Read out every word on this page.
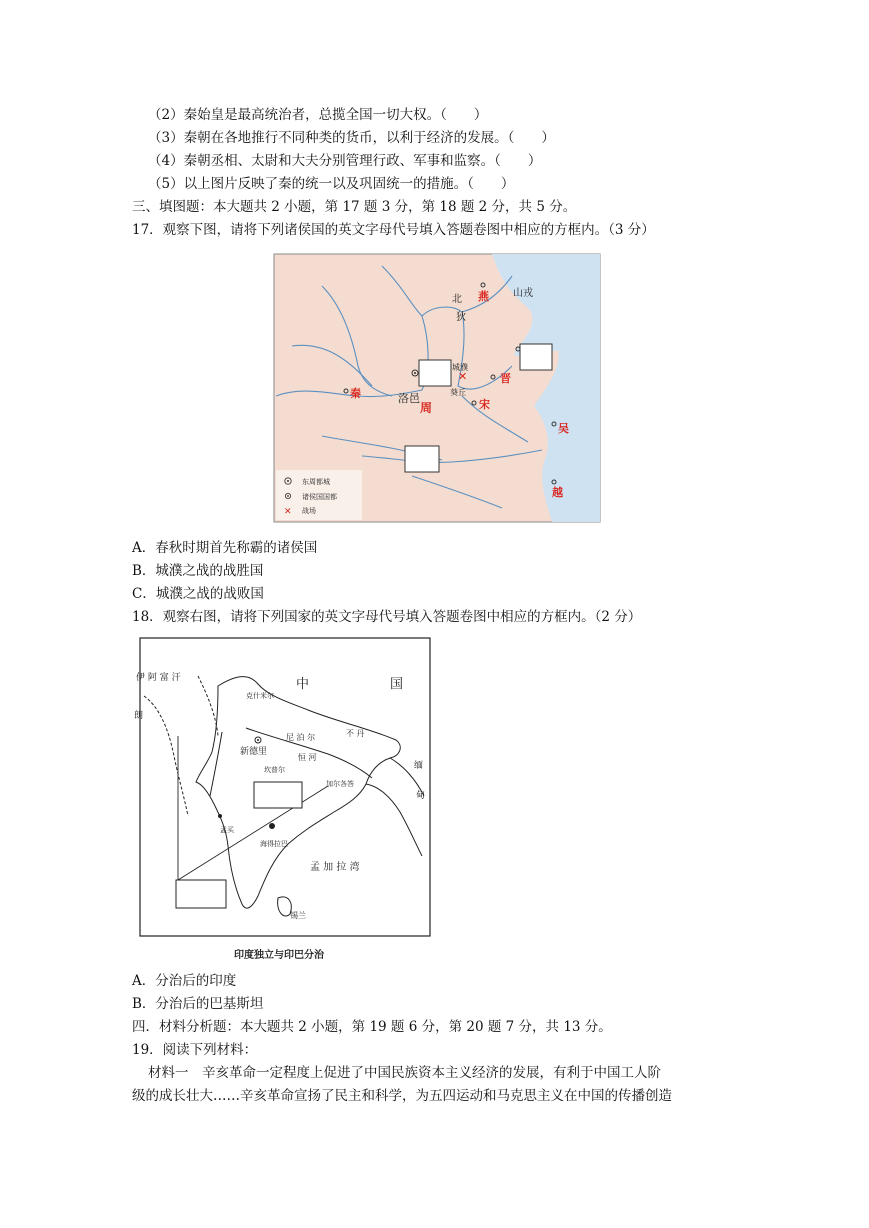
（2）秦始皇是最高统治者，总揽全国一切大权。（　　）
（3）秦朝在各地推行不同种类的货币，以利于经济的发展。（　　）
（4）秦朝丞相、太尉和大夫分别管理行政、军事和监察。（　　）
（5）以上图片反映了秦的统一以及巩固统一的措施。（　　）
三、填图题：本大题共 2 小题，第 17 题 3 分，第 18 题 2 分，共 5 分。
17．观察下图，请将下列诸侯国的英文字母代号填入答题卷图中相应的方框内。（3 分）
东周都城
诸侯国国都
✕ 战场
山戎
北
狄
燕
城濮
✕	晋
秦	洛邑
周
葵丘
宋
吴
越
A．春秋时期首先称霸的诸侯国
B．城濮之战的战胜国
C．城濮之战的战败国
18．观察右图，请将下列国家的英文字母代号填入答题卷图中相应的方框内。（2 分）
伊 阿 富 汗
朗
中	国
新德里
尼 泊 尔	不 丹
缅
甸
孟 加 拉 湾
锡兰
加尔各答
孟买
海得拉巴
克什米尔
坎普尔
恒 河
印度独立与印巴分治
A．分治后的印度
B．分治后的巴基斯坦
四．材料分析题：本大题共 2 小题，第 19 题 6 分，第 20 题 7 分，共 13 分。
19．阅读下列材料：
材料一　辛亥革命一定程度上促进了中国民族资本主义经济的发展，有利于中国工人阶
级的成长壮大……辛亥革命宣扬了民主和科学，为五四运动和马克思主义在中国的传播创造
